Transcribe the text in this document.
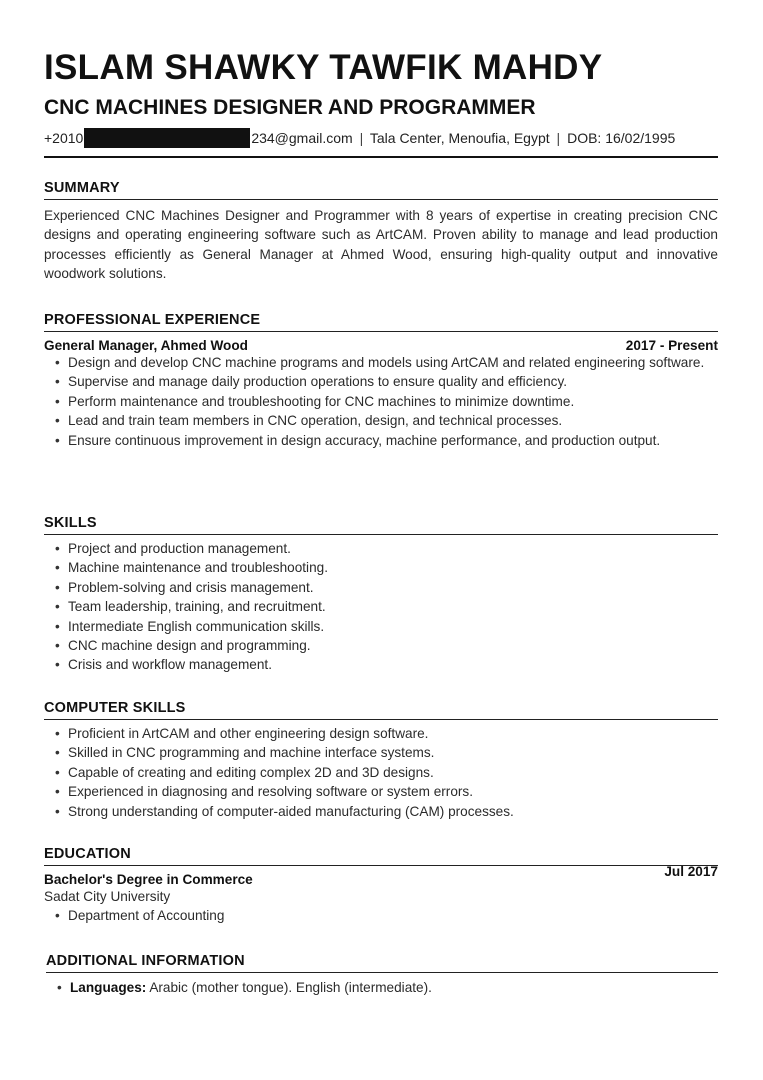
ISLAM SHAWKY TAWFIK MAHDY
CNC MACHINES DESIGNER AND PROGRAMMER
+2010	234@gmail.com | Tala Center, Menoufia, Egypt | DOB: 16/02/1995
SUMMARY

Experienced CNC Machines Designer and Programmer with 8 years of expertise in creating precision CNC designs and operating engineering software such as ArtCAM. Proven ability to manage and lead production processes efficiently as General Manager at Ahmed Wood, ensuring high-quality output and innovative woodwork solutions.

PROFESSIONAL EXPERIENCE
General Manager, Ahmed Wood	2017 - Present
• Design and develop CNC machine programs and models using ArtCAM and related engineering software.
• Supervise and manage daily production operations to ensure quality and efficiency.
• Perform maintenance and troubleshooting for CNC machines to minimize downtime.
• Lead and train team members in CNC operation, design, and technical processes.
• Ensure continuous improvement in design accuracy, machine performance, and production output.
SKILLS
• Project and production management.
• Machine maintenance and troubleshooting.
• Problem-solving and crisis management.
• Team leadership, training, and recruitment.
• Intermediate English communication skills.
• CNC machine design and programming.
• Crisis and workflow management.
COMPUTER SKILLS
• Proficient in ArtCAM and other engineering design software.
• Skilled in CNC programming and machine interface systems.
• Capable of creating and editing complex 2D and 3D designs.
• Experienced in diagnosing and resolving software or system errors.
• Strong understanding of computer-aided manufacturing (CAM) processes.
EDUCATION
Bachelor's Degree in Commerce
Jul 2017
Sadat City University
• Department of Accounting
ADDITIONAL INFORMATION
• Languages: Arabic (mother tongue). English (intermediate).
